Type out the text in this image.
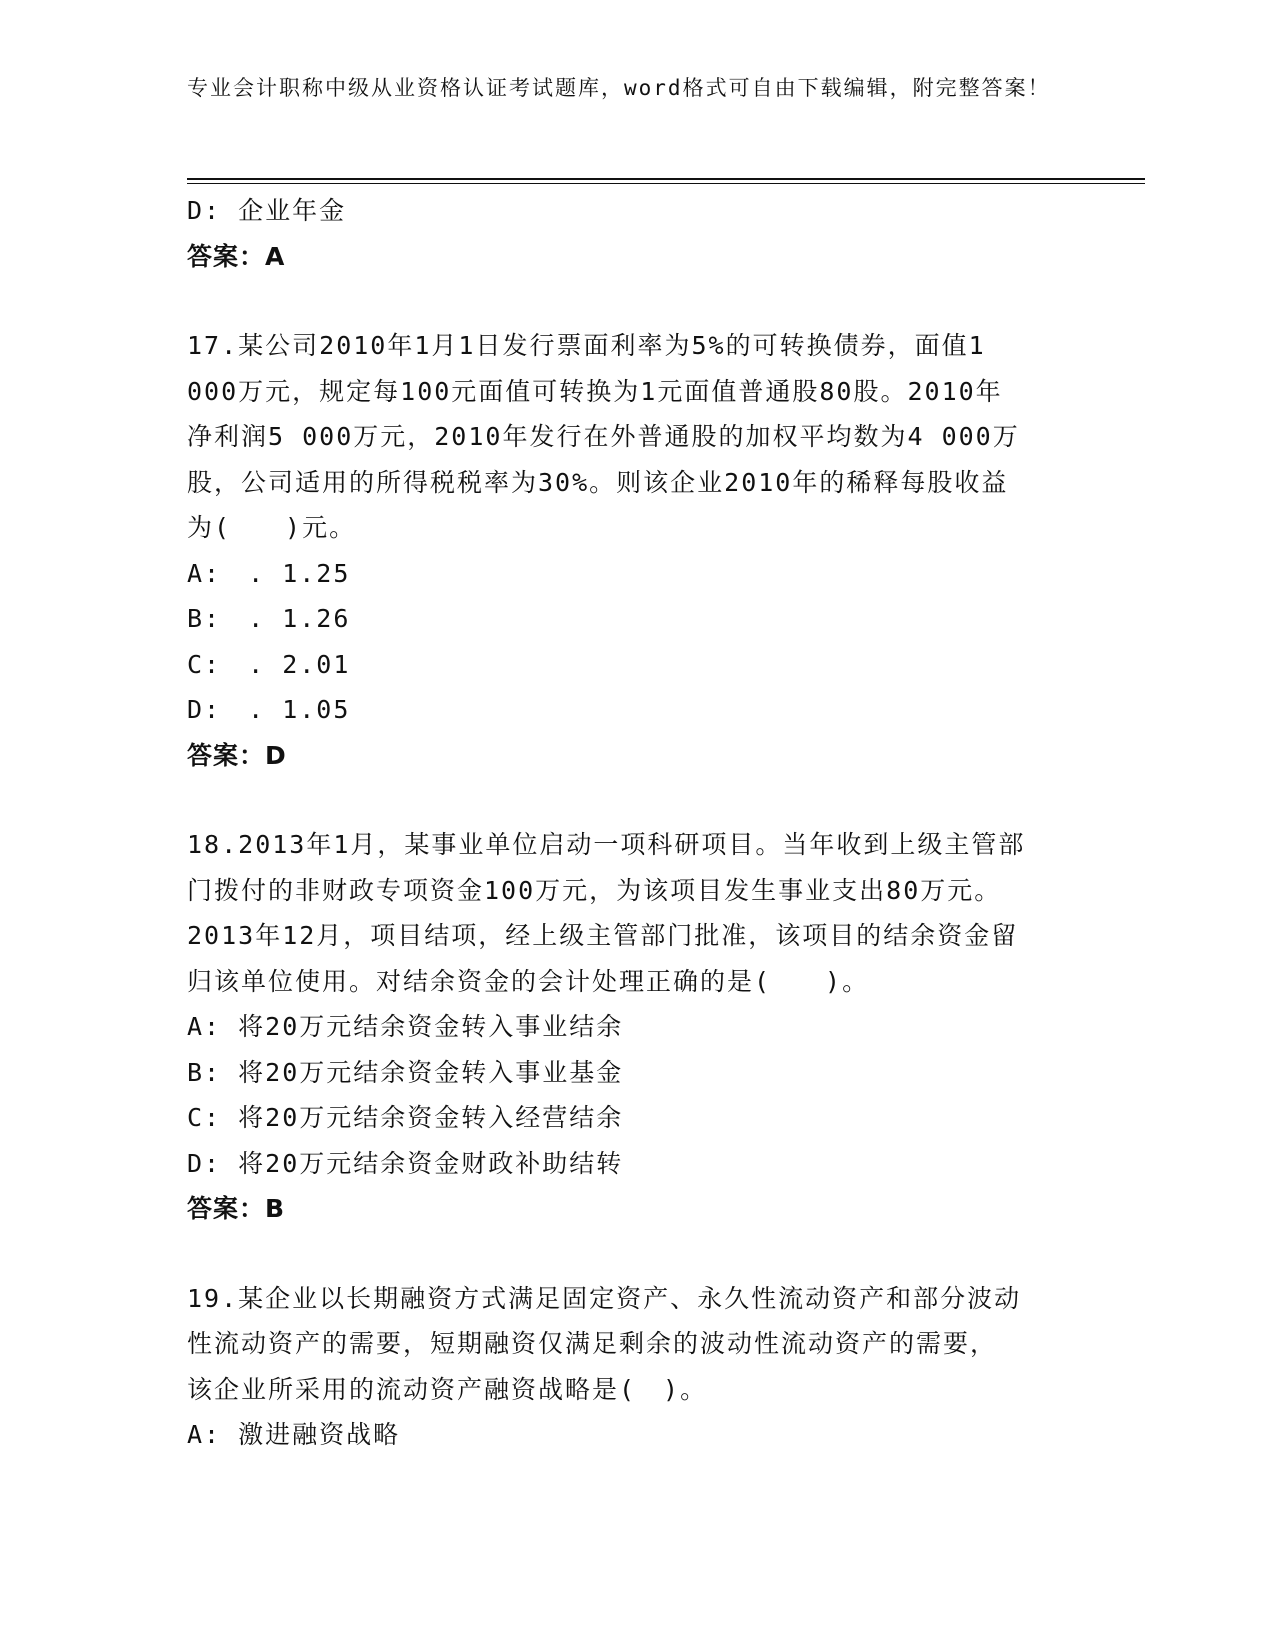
专业会计职称中级从业资格认证考试题库，word格式可自由下载编辑，附完整答案！
D: 企业年金
答案：A
17.某公司2010年1月1日发行票面利率为5%的可转换债券，面值1
000万元，规定每100元面值可转换为1元面值普通股80股。2010年
净利润5 000万元，2010年发行在外普通股的加权平均数为4 000万
股，公司适用的所得税税率为30%。则该企业2010年的稀释每股收益
为(　　)元。
A:　. 1.25
B:　. 1.26
C:　. 2.01
D:　. 1.05
答案：D
18.2013年1月，某事业单位启动一项科研项目。当年收到上级主管部
门拨付的非财政专项资金100万元，为该项目发生事业支出80万元。
2013年12月，项目结项，经上级主管部门批准，该项目的结余资金留
归该单位使用。对结余资金的会计处理正确的是(　　)。
A: 将20万元结余资金转入事业结余
B: 将20万元结余资金转入事业基金
C: 将20万元结余资金转入经营结余
D: 将20万元结余资金财政补助结转
答案：B
19.某企业以长期融资方式满足固定资产、永久性流动资产和部分波动
性流动资产的需要，短期融资仅满足剩余的波动性流动资产的需要，
该企业所采用的流动资产融资战略是(　)。
A: 激进融资战略
